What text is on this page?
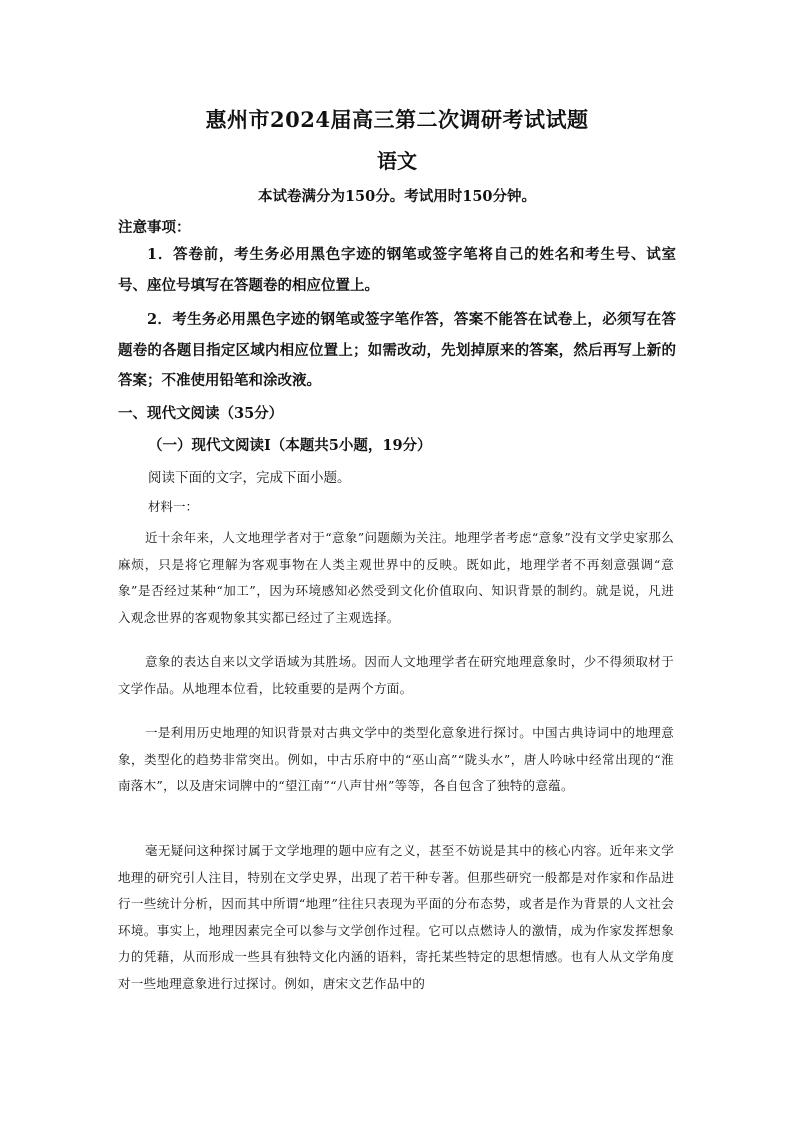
惠州市2024届高三第二次调研考试试题
语文
本试卷满分为150分。考试用时150分钟。
注意事项：
1．答卷前，考生务必用黑色字迹的钢笔或签字笔将自己的姓名和考生号、试室号、座位号填写在答题卷的相应位置上。
2．考生务必用黑色字迹的钢笔或签字笔作答，答案不能答在试卷上，必须写在答题卷的各题目指定区域内相应位置上；如需改动，先划掉原来的答案，然后再写上新的答案；不准使用铅笔和涂改液。
一、现代文阅读（35分）
（一）现代文阅读I（本题共5小题，19分）
阅读下面的文字，完成下面小题。
材料一：
近十余年来，人文地理学者对于“意象”问题颇为关注。地理学者考虑“意象”没有文学史家那么麻烦，只是将它理解为客观事物在人类主观世界中的反映。既如此，地理学者不再刻意强调“意象”是否经过某种“加工”，因为环境感知必然受到文化价值取向、知识背景的制约。就是说，凡进入观念世界的客观物象其实都已经过了主观选择。
意象的表达自来以文学语域为其胜场。因而人文地理学者在研究地理意象时，少不得须取材于文学作品。从地理本位看，比较重要的是两个方面。
一是利用历史地理的知识背景对古典文学中的类型化意象进行探讨。中国古典诗词中的地理意象，类型化的趋势非常突出。例如，中古乐府中的“巫山高”“陇头水”，唐人吟咏中经常出现的“淮南落木”，以及唐宋词牌中的“望江南”“八声甘州”等等，各自包含了独特的意蕴。
毫无疑问这种探讨属于文学地理的题中应有之义，甚至不妨说是其中的核心内容。近年来文学地理的研究引人注目，特别在文学史界，出现了若干种专著。但那些研究一般都是对作家和作品进行一些统计分析，因而其中所谓“地理”往往只表现为平面的分布态势，或者是作为背景的人文社会环境。事实上，地理因素完全可以参与文学创作过程。它可以点燃诗人的激情，成为作家发挥想象力的凭藉，从而形成一些具有独特文化内涵的语料，寄托某些特定的思想情感。也有人从文学角度对一些地理意象进行过探讨。例如，唐宋文艺作品中的
